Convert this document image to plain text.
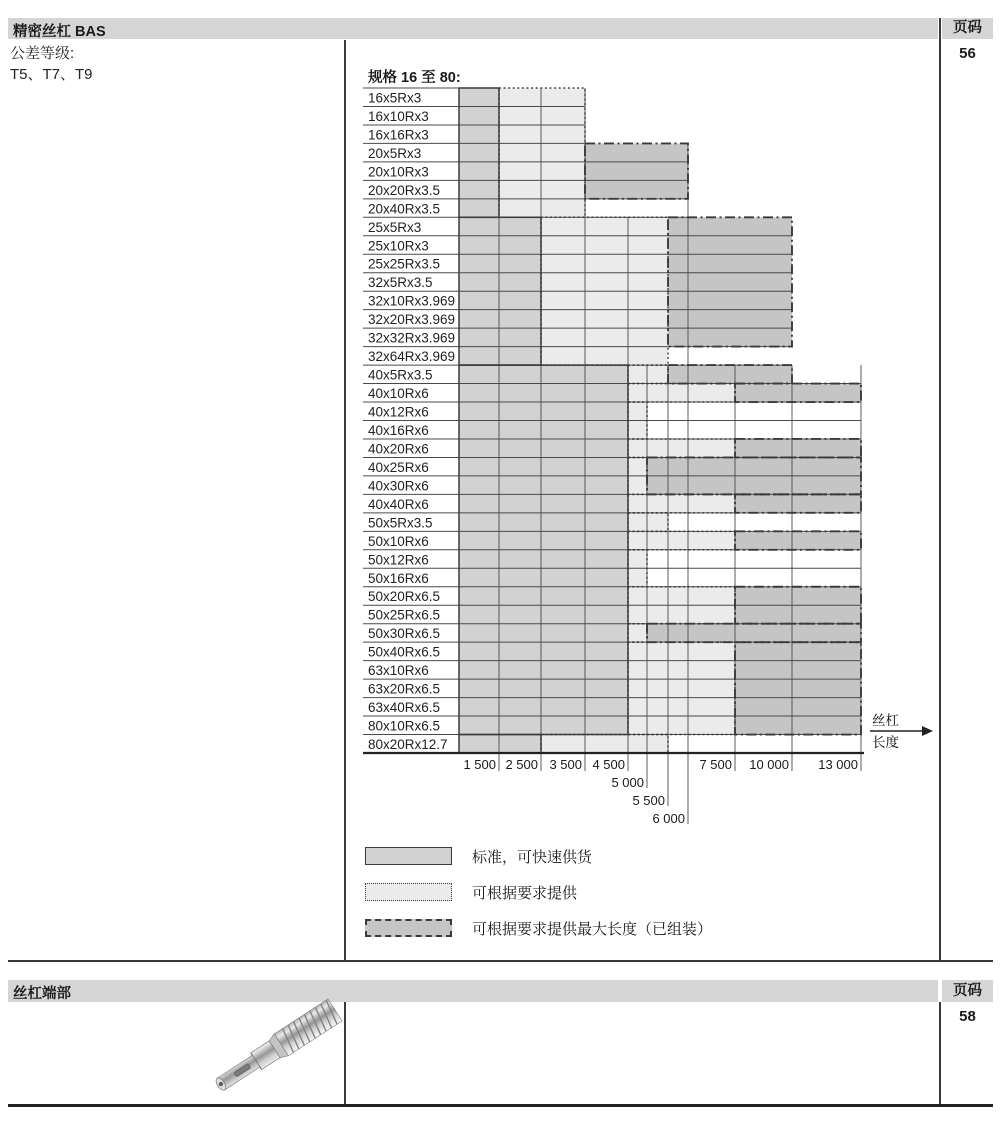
精密丝杠 BAS	页码
56
公差等级:
T5、T7、T9	规格 16 至 80:
1 500 2 500 3 500 4 500
5 000
5 500
6 000
7 500 10 000 13 000
16x5Rx3
16x10Rx3
16x16Rx3
20x5Rx3
20x10Rx3
20x20Rx3.5
20x40Rx3.5
25x5Rx3
25x10Rx3
25x25Rx3.5
32x5Rx3.5
32x10Rx3.969
32x20Rx3.969
32x32Rx3.969
32x64Rx3.969
40x5Rx3.5
40x10Rx6
40x12Rx6
40x16Rx6
40x20Rx6
40x25Rx6
40x30Rx6
40x40Rx6
50x5Rx3.5
50x10Rx6
50x12Rx6
50x16Rx6
50x20Rx6.5
50x25Rx6.5
50x30Rx6.5
50x40Rx6.5
63x10Rx6
63x20Rx6.5
63x40Rx6.5
80x10Rx6.5
80x20Rx12.7
丝杠
长度
标准，可快速供货
可根据要求提供
可根据要求提供最大长度（已组装）
丝杠端部	页码
58
